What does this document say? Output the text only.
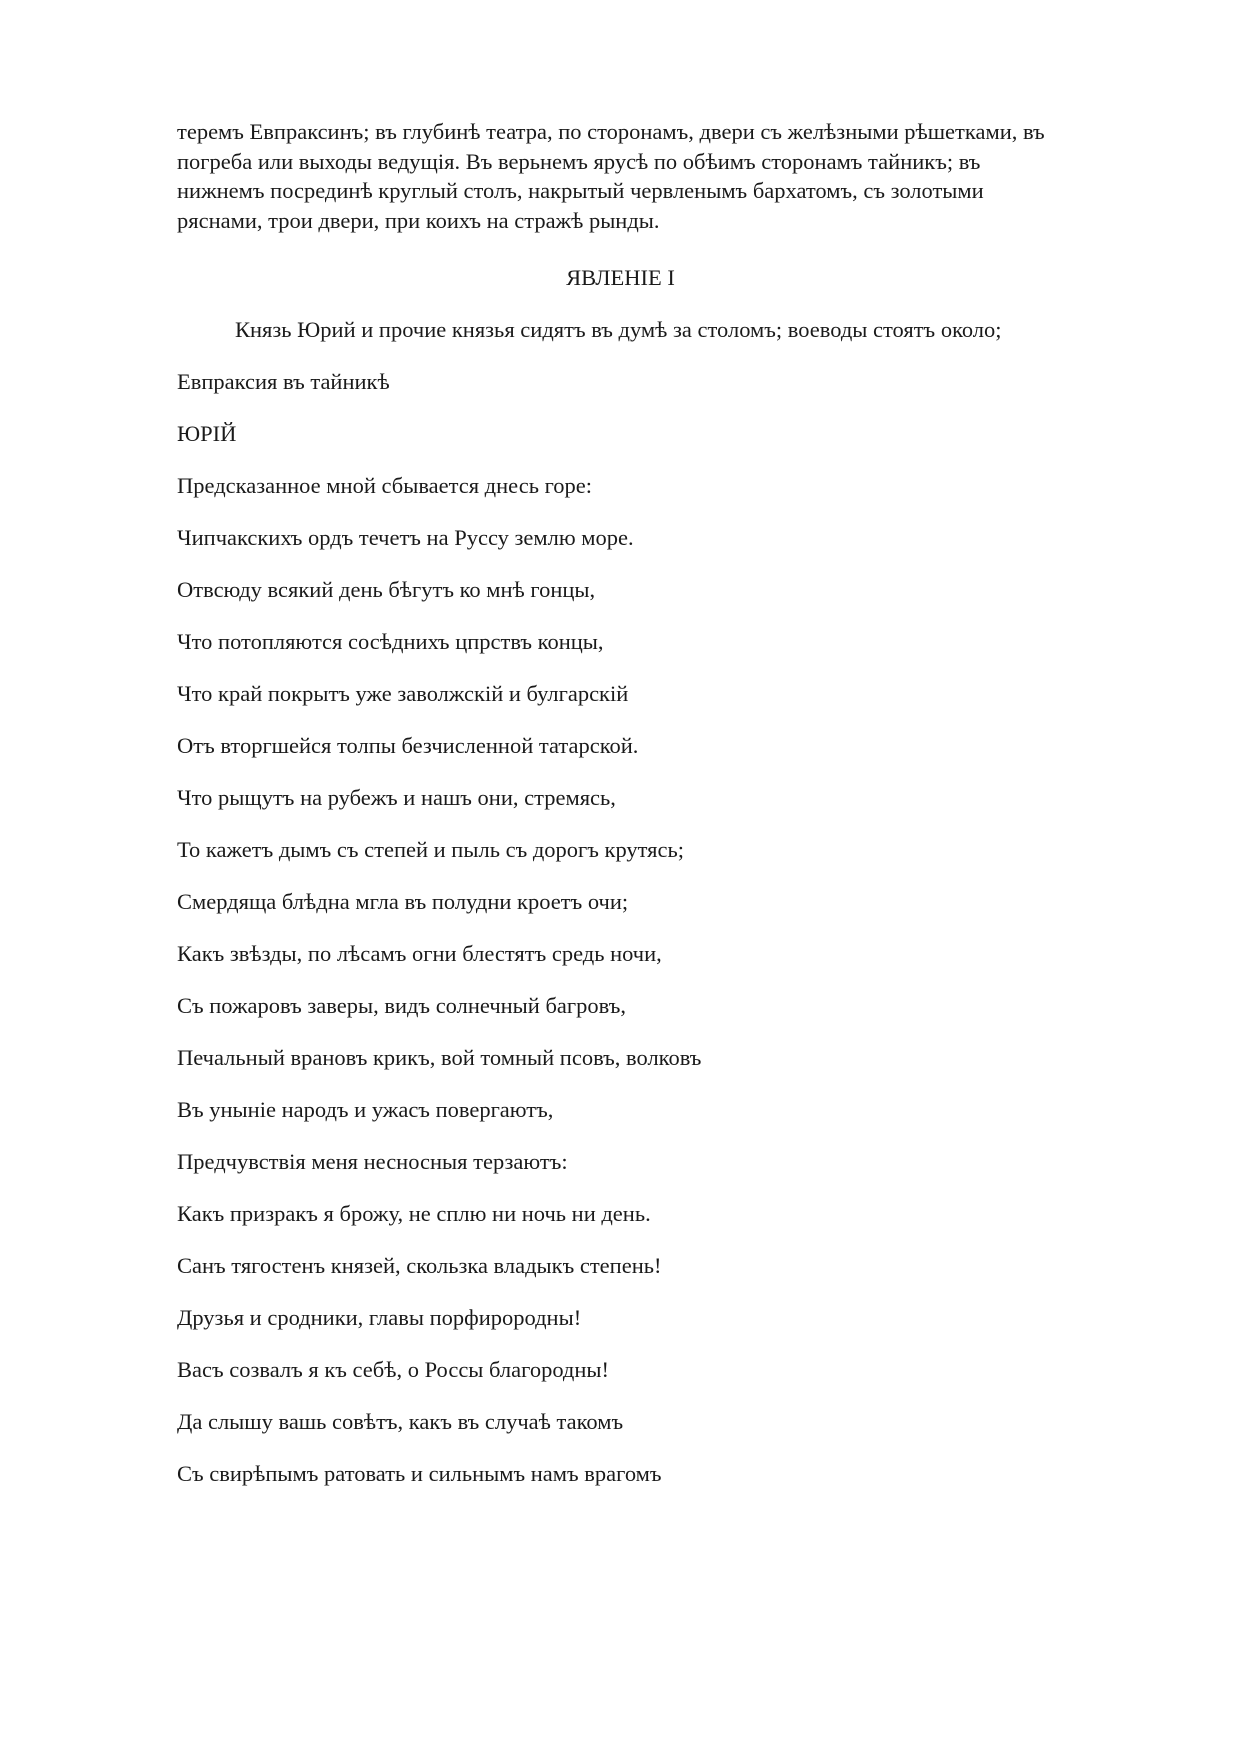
теремъ Евпраксинъ; въ глубинѣ театра, по сторонамъ, двери съ желѣзными рѣшетками, въ
погреба или выходы ведущія. Въ верьнемъ ярусѣ по обѣимъ сторонамъ тайникъ; въ
нижнемъ посрединѣ круглый столъ, накрытый червленымъ бархатомъ, съ золотыми
ряснами, трои двери, при коихъ на стражѣ рынды.

ЯВЛЕНІЕ I

Князь Юрий и прочие князья сидятъ въ думѣ за столомъ; воеводы стоятъ около;

Евпраксия въ тайникѣ

ЮРІЙ

Предсказанное мной сбывается днесь горе:

Чипчакскихъ ордъ течетъ на Руссу землю море.

Отвсюду всякий день бѣгутъ ко мнѣ гонцы,

Что потопляются сосѣднихъ цпрствъ концы,

Что край покрытъ уже заволжскій и булгарскій

Отъ вторгшейся толпы безчисленной татарской.

Что рыщутъ на рубежъ и нашъ они, стремясь,

То кажетъ дымъ съ степей и пыль съ дорогъ крутясь;

Смердяща блѣдна мгла въ полудни кроетъ очи;

Какъ звѣзды, по лѣсамъ огни блестятъ средь ночи,

Съ пожаровъ заверы, видъ солнечный багровъ,

Печальный врановъ крикъ, вой томный псовъ, волковъ

Въ уныніе народъ и ужасъ повергаютъ,

Предчувствія меня несносныя терзаютъ:

Какъ призракъ я брожу, не сплю ни ночь ни день.

Санъ тягостенъ князей, скользка владыкъ степень!

Друзья и сродники, главы порфирородны!

Васъ созвалъ я къ себѣ, о Россы благородны!

Да слышу вашь совѣтъ, какъ въ случаѣ такомъ

Съ свирѣпымъ ратовать и сильнымъ намъ врагомъ
